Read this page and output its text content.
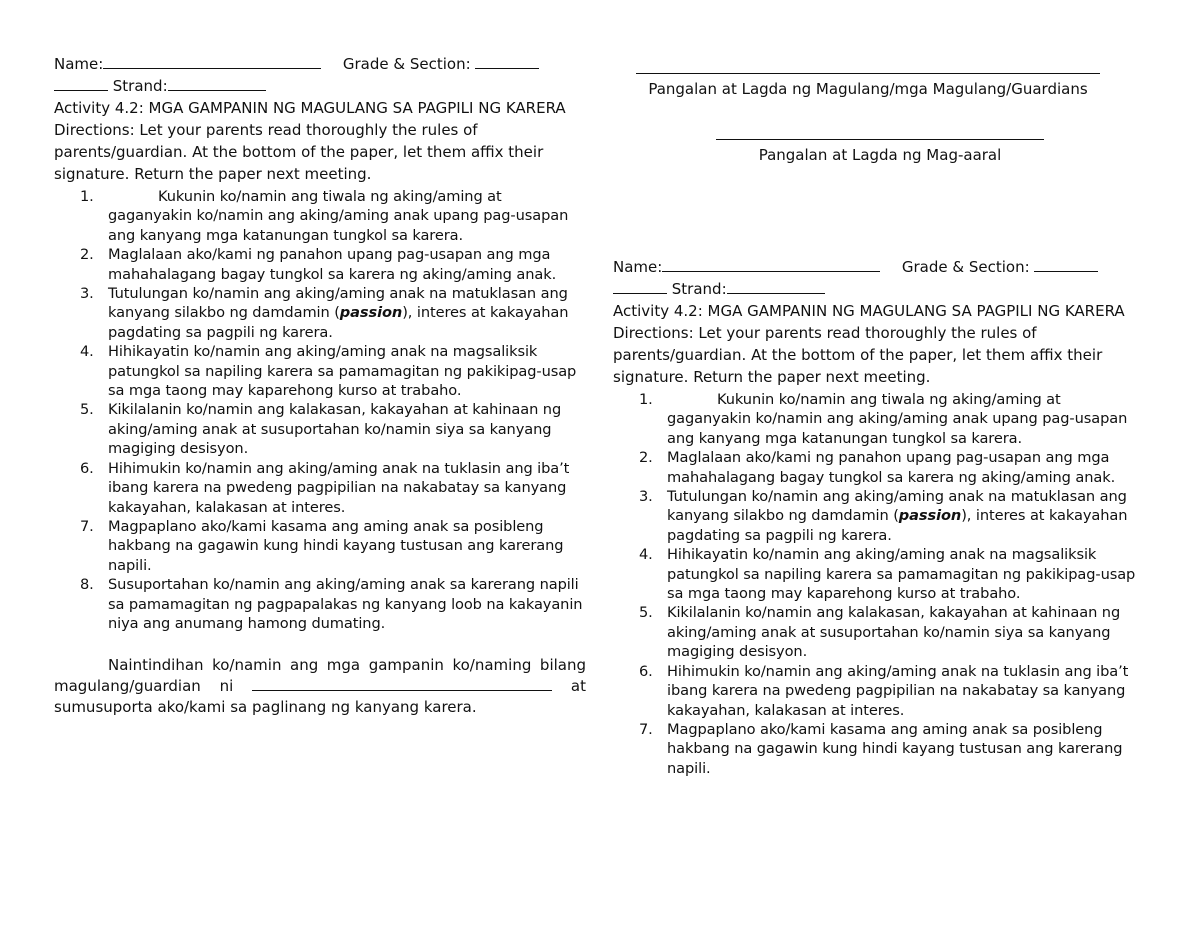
Name:	Grade & Section:
Strand:
Activity 4.2: MGA GAMPANIN NG MAGULANG SA PAGPILI NG KARERA
Directions: Let your parents read thoroughly the rules of parents/guardian. At the bottom of the paper, let them affix their signature. Return the paper next meeting.
1.	Kukunin ko/namin ang tiwala ng aking/aming at gaganyakin ko/namin ang aking/aming anak upang pag-usapan ang kanyang mga katanungan tungkol sa karera.
2. Maglalaan ako/kami ng panahon upang pag-usapan ang mga mahahalagang bagay tungkol sa karera ng aking/aming anak.
3. Tutulungan ko/namin ang aking/aming anak na matuklasan ang kanyang silakbo ng damdamin (passion), interes at kakayahan pagdating sa pagpili ng karera.
4. Hihikayatin ko/namin ang aking/aming anak na magsaliksik patungkol sa napiling karera sa pamamagitan ng pakikipag-usap sa mga taong may kaparehong kurso at trabaho.
5. Kikilalanin ko/namin ang kalakasan, kakayahan at kahinaan ng aking/aming anak at susuportahan ko/namin siya sa kanyang magiging desisyon.
6. Hihimukin ko/namin ang aking/aming anak na tuklasin ang iba’t ibang karera na pwedeng pagpipilian na nakabatay sa kanyang kakayahan, kalakasan at interes.
7. Magpaplano ako/kami kasama ang aming anak sa posibleng hakbang na gagawin kung hindi kayang tustusan ang karerang napili.
8. Susuportahan ko/namin ang aking/aming anak sa karerang napili sa pamamagitan ng pagpapalakas ng kanyang loob na kakayanin niya ang anumang hamong dumating.
Naintindihan ko/namin ang mga gampanin ko/naming bilang magulang/guardian ni	at sumusuporta ako/kami sa paglinang ng kanyang karera.
Pangalan at Lagda ng Magulang/mga Magulang/Guardians
Pangalan at Lagda ng Mag-aaral
Name:	Grade & Section:
Strand:
Activity 4.2: MGA GAMPANIN NG MAGULANG SA PAGPILI NG KARERA
Directions: Let your parents read thoroughly the rules of parents/guardian. At the bottom of the paper, let them affix their signature. Return the paper next meeting.
1.	Kukunin ko/namin ang tiwala ng aking/aming at gaganyakin ko/namin ang aking/aming anak upang pag-usapan ang kanyang mga katanungan tungkol sa karera.
2. Maglalaan ako/kami ng panahon upang pag-usapan ang mga mahahalagang bagay tungkol sa karera ng aking/aming anak.
3. Tutulungan ko/namin ang aking/aming anak na matuklasan ang kanyang silakbo ng damdamin (passion), interes at kakayahan pagdating sa pagpili ng karera.
4. Hihikayatin ko/namin ang aking/aming anak na magsaliksik patungkol sa napiling karera sa pamamagitan ng pakikipag-usap sa mga taong may kaparehong kurso at trabaho.
5. Kikilalanin ko/namin ang kalakasan, kakayahan at kahinaan ng aking/aming anak at susuportahan ko/namin siya sa kanyang magiging desisyon.
6. Hihimukin ko/namin ang aking/aming anak na tuklasin ang iba’t ibang karera na pwedeng pagpipilian na nakabatay sa kanyang kakayahan, kalakasan at interes.
7. Magpaplano ako/kami kasama ang aming anak sa posibleng hakbang na gagawin kung hindi kayang tustusan ang karerang napili.
